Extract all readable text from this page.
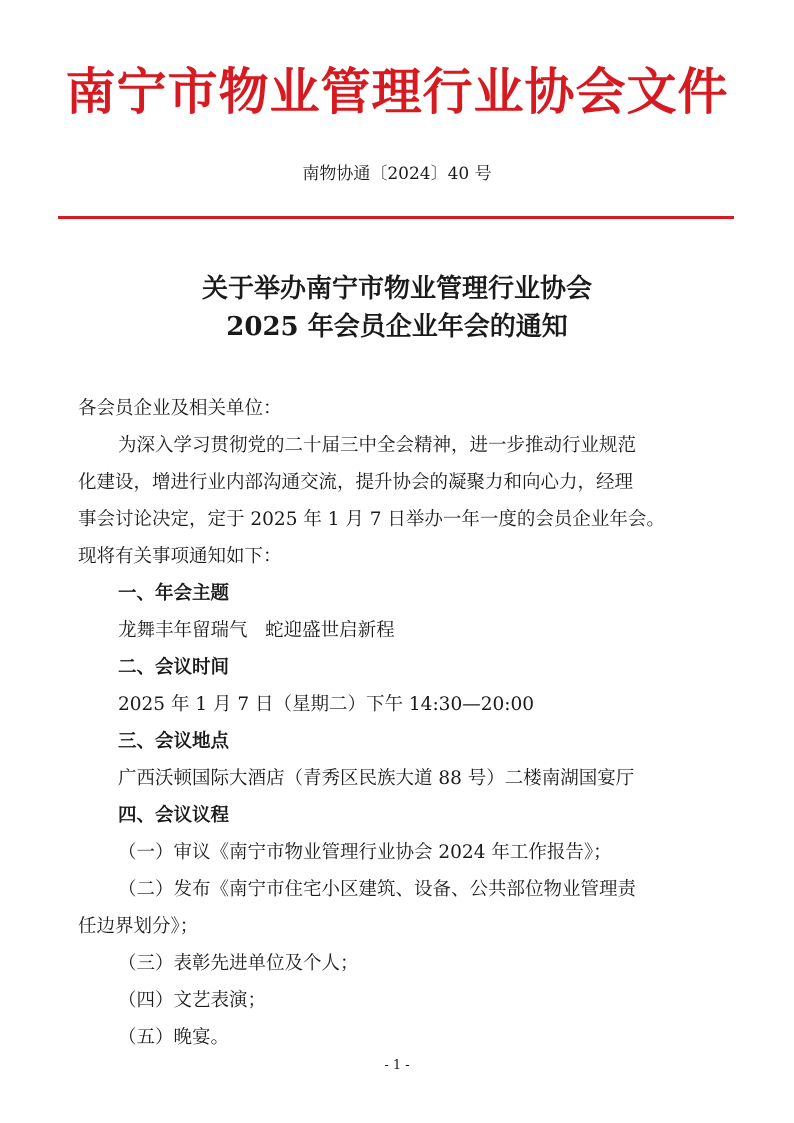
南宁市物业管理行业协会文件
南物协通〔2024〕40 号
关于举办南宁市物业管理行业协会
2025 年会员企业年会的通知
各会员企业及相关单位：
为深入学习贯彻党的二十届三中全会精神，进一步推动行业规范
化建设，增进行业内部沟通交流，提升协会的凝聚力和向心力，经理
事会讨论决定，定于 2025 年 1 月 7 日举办一年一度的会员企业年会。
现将有关事项通知如下：
一、年会主题
龙舞丰年留瑞气   蛇迎盛世启新程
二、会议时间
2025 年 1 月 7 日（星期二）下午 14:30—20:00
三、会议地点
广西沃顿国际大酒店（青秀区民族大道 88 号）二楼南湖国宴厅
四、会议议程
（一）审议《南宁市物业管理行业协会 2024 年工作报告》；
（二）发布《南宁市住宅小区建筑、设备、公共部位物业管理责
任边界划分》；
（三）表彰先进单位及个人；
（四）文艺表演；
（五）晚宴。
- 1 -
